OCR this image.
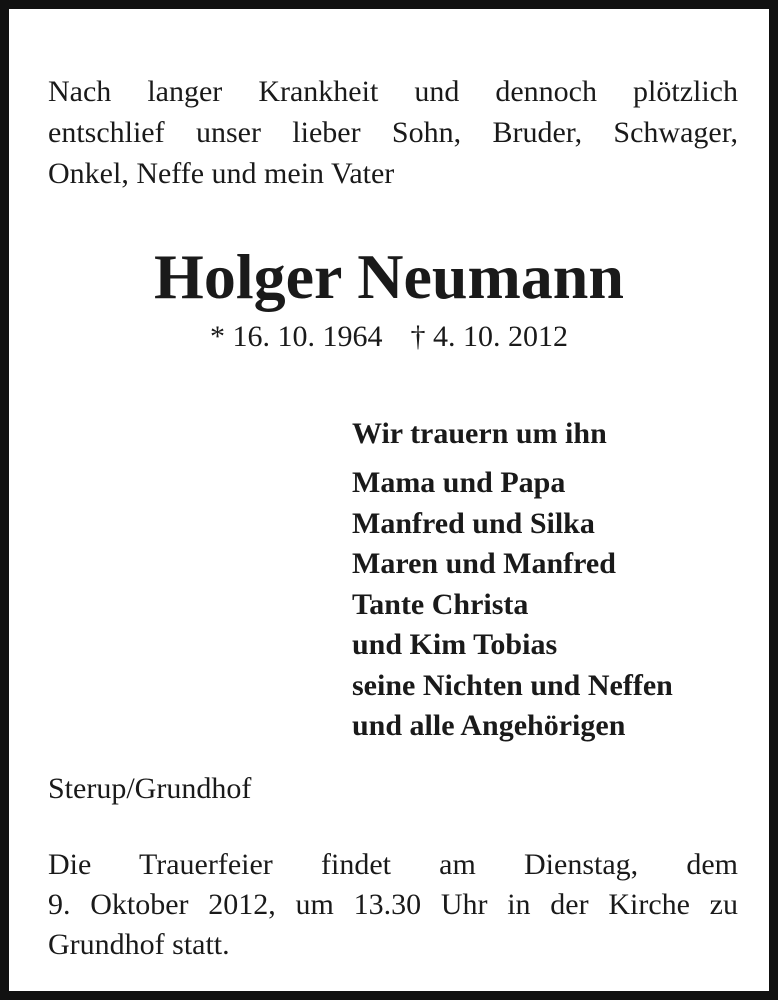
Nach langer Krankheit und dennoch plötzlich
entschlief unser lieber Sohn, Bruder, Schwager,
Onkel, Neffe und mein Vater

Holger Neumann

* 16. 10. 1964 † 4. 10. 2012

Wir trauern um ihn
Mama und Papa
Manfred und Silka
Maren und Manfred
Tante Christa
und Kim Tobias
seine Nichten und Neffen
und alle Angehörigen

Sterup/Grundhof

Die Trauerfeier findet am Dienstag, dem
9. Oktober 2012, um 13.30 Uhr in der Kirche zu
Grundhof statt.
